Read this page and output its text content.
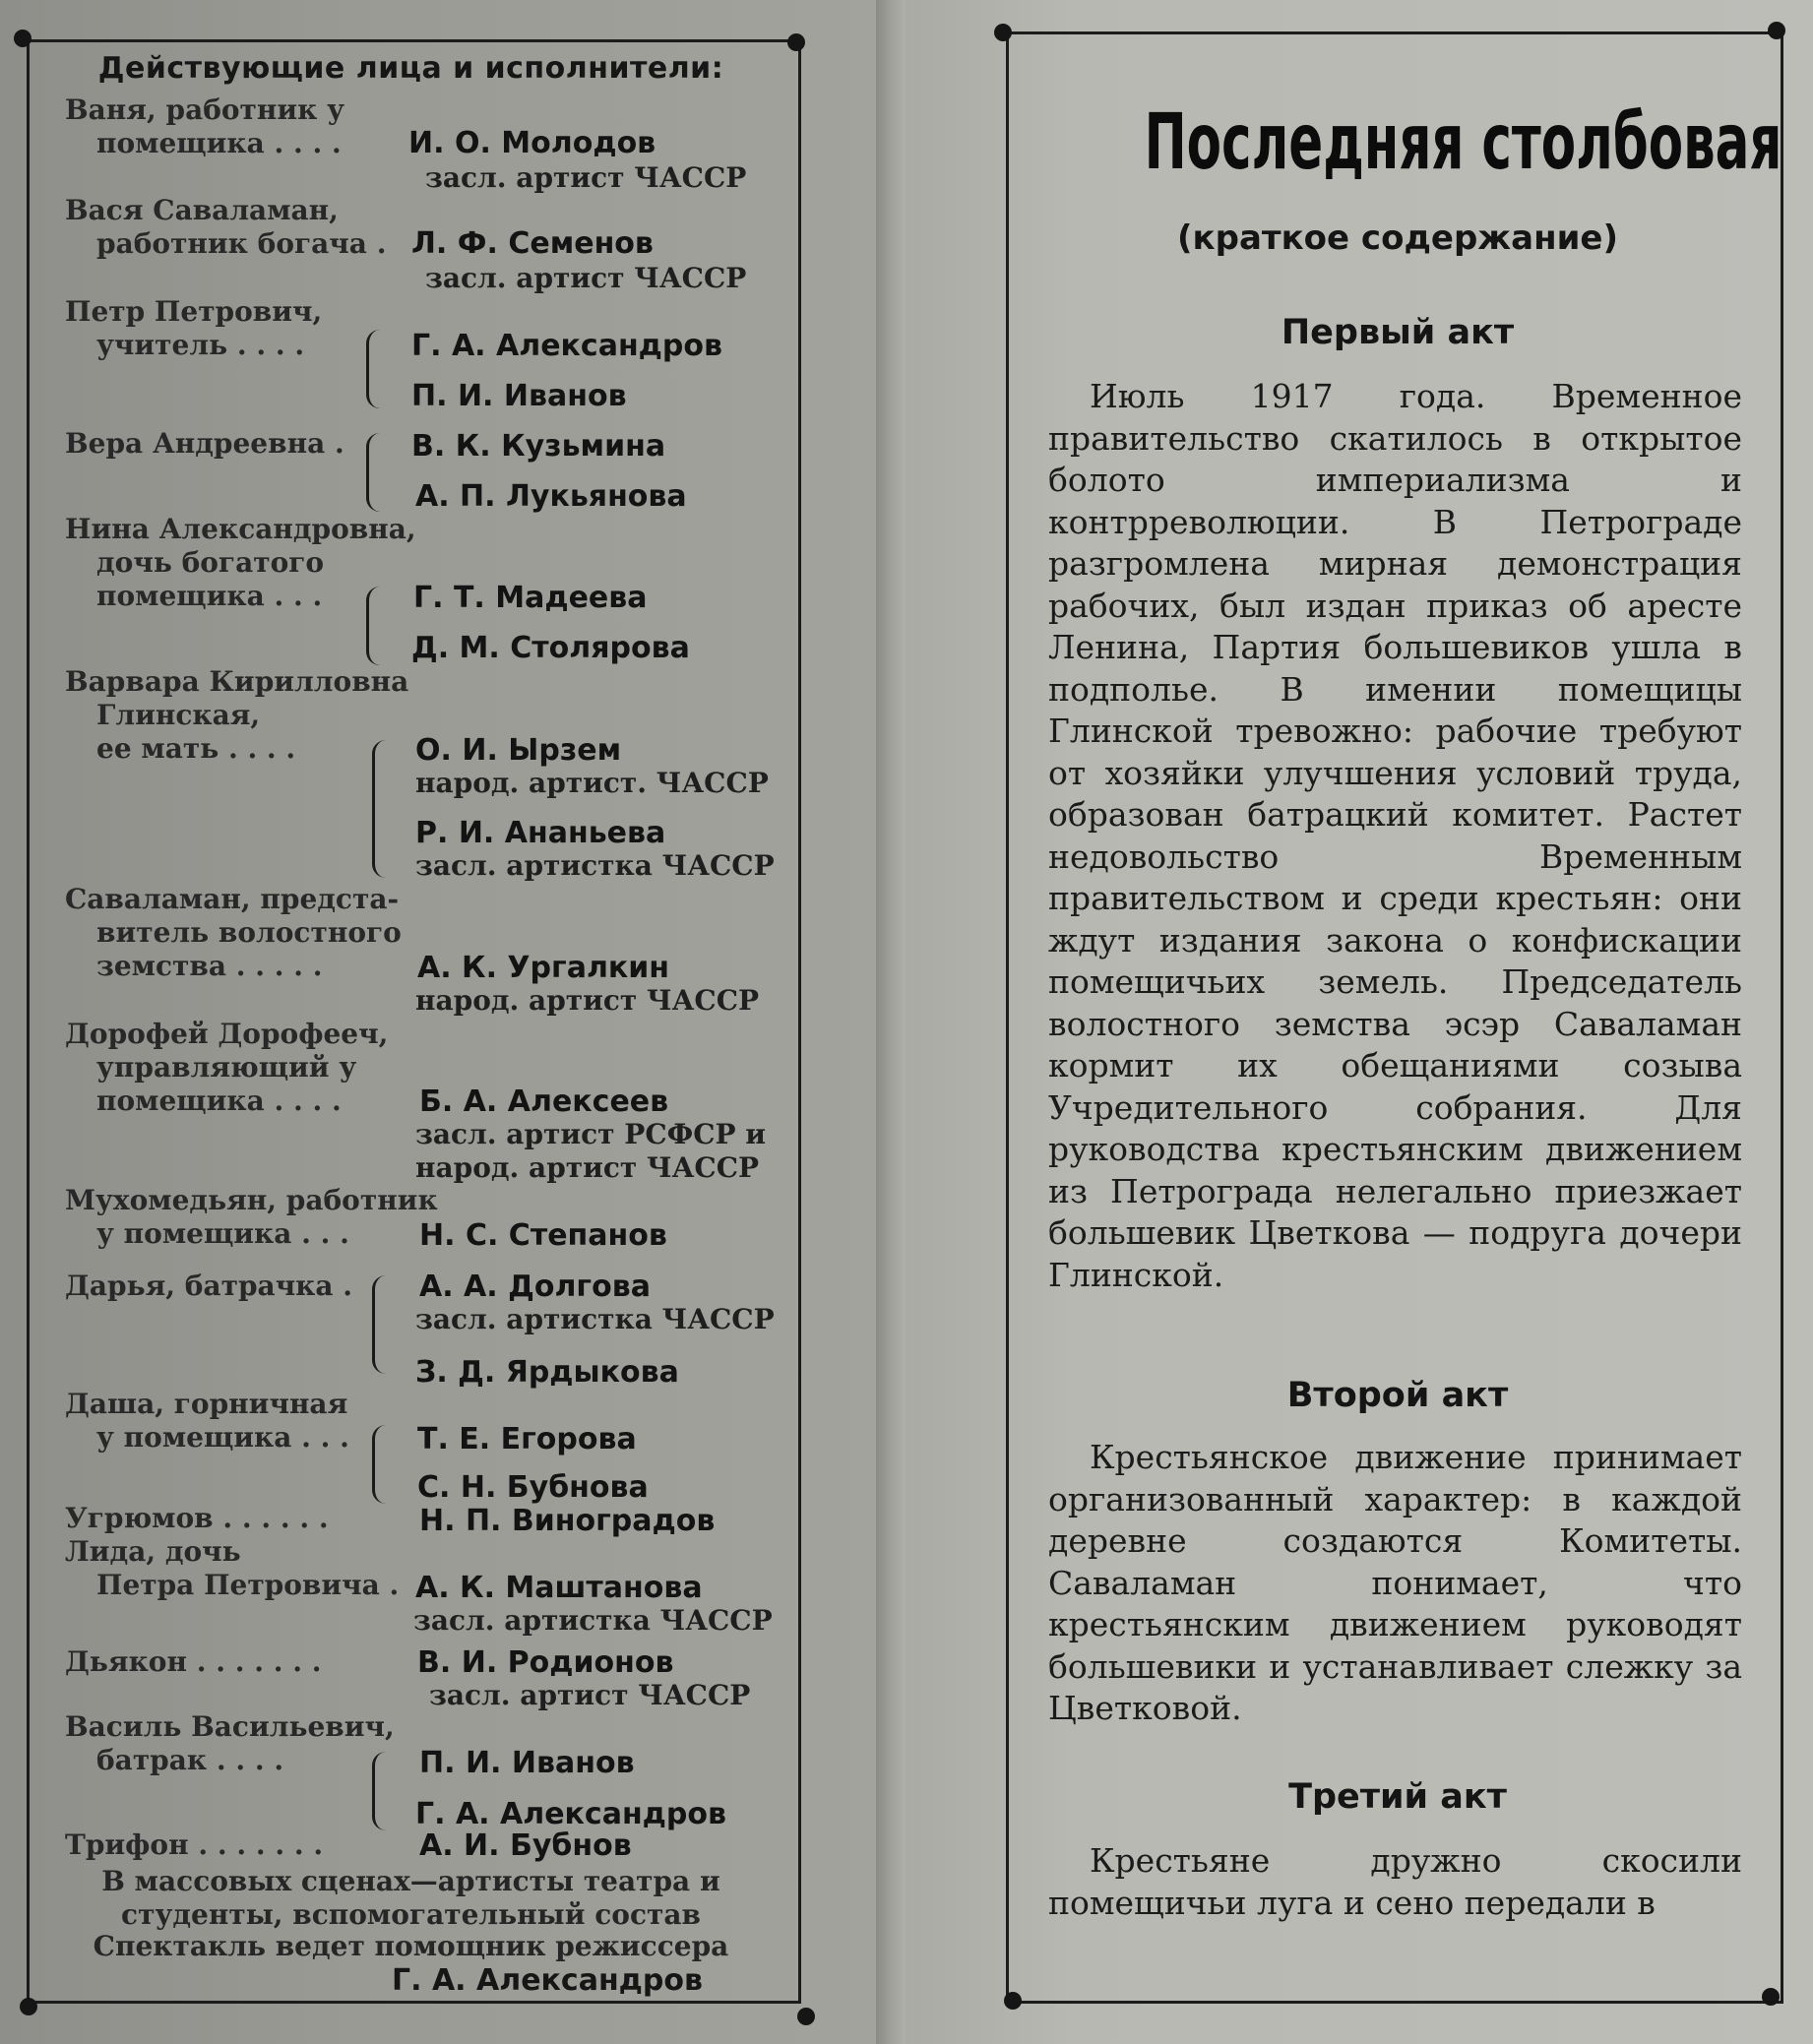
Действующие лица и исполнители:
Ваня, работник у
помещика . . . .	И. О. Молодов
засл. артист ЧАССР
Вася Саваламан,
работник богача . Л. Ф. Семенов
засл. артист ЧАССР
Петр Петрович,
учитель . . . .	Г. А. Александров
П. И. Иванов
Вера Андреевна .	В. К. Кузьмина
А. П. Лукьянова
Нина Александровна,
дочь богатого
помещика . . .	Г. Т. Мадеева
Д. М. Столярова
Варвара Кирилловна
Глинская,
ее мать . . . .	О. И. Ырзем
народ. артист. ЧАССР
Р. И. Ананьева
засл. артистка ЧАССР
Саваламан, предста-
витель волостного
земства . . . . .	А. К. Ургалкин
народ. артист ЧАССР
Дорофей Дорофееч,
управляющий у
помещика . . . .	Б. А. Алексеев
засл. артист РСФСР и
народ. артист ЧАССР
Мухомедьян, работник
у помещика . . .	Н. С. Степанов
Дарья, батрачка .	А. А. Долгова
засл. артистка ЧАССР
З. Д. Ярдыкова
Даша, горничная
у помещика . . .	Т. Е. Егорова
С. Н. Бубнова
Угрюмов . . . . . .	Н. П. Виноградов
Лида, дочь
Петра Петровича . А. К. Маштанова
засл. артистка ЧАССР
Дьякон . . . . . . .	В. И. Родионов
засл. артист ЧАССР
Василь Васильевич,
батрак . . . .	П. И. Иванов
Г. А. Александров
Трифон . . . . . . .	А. И. Бубнов
В массовых сценах—артисты театра и
студенты, вспомогательный состав
Спектакль ведет помощник режиссера
Г. А. Александров
Последняя столбовая
(краткое содержание)
Первый акт

Июль 1917 года. Временное правительство скатилось в открытое болото империализма и контрреволюции. В Петрограде разгромлена мирная демонстрация рабочих, был издан приказ об аресте Ленина, Партия большевиков ушла в подполье. В имении помещицы Глинской тревожно: рабочие требуют от хозяйки улучшения условий труда, образован батрацкий комитет. Растет недовольство Временным правительством и среди крестьян: они ждут издания закона о конфискации помещичьих земель. Председатель волостного земства эсэр Саваламан кормит их обещаниями созыва Учредительного собрания. Для руководства крестьянским движением из Петрограда нелегально приезжает большевик Цветкова — подруга дочери Глинской.

Второй акт

Крестьянское движение принимает организованный характер: в каждой деревне создаются Комитеты. Саваламан понимает, что крестьянским движением руководят большевики и устанавливает слежку за Цветковой.

Третий акт

Крестьяне дружно скосили помещичьи луга и сено передали в
